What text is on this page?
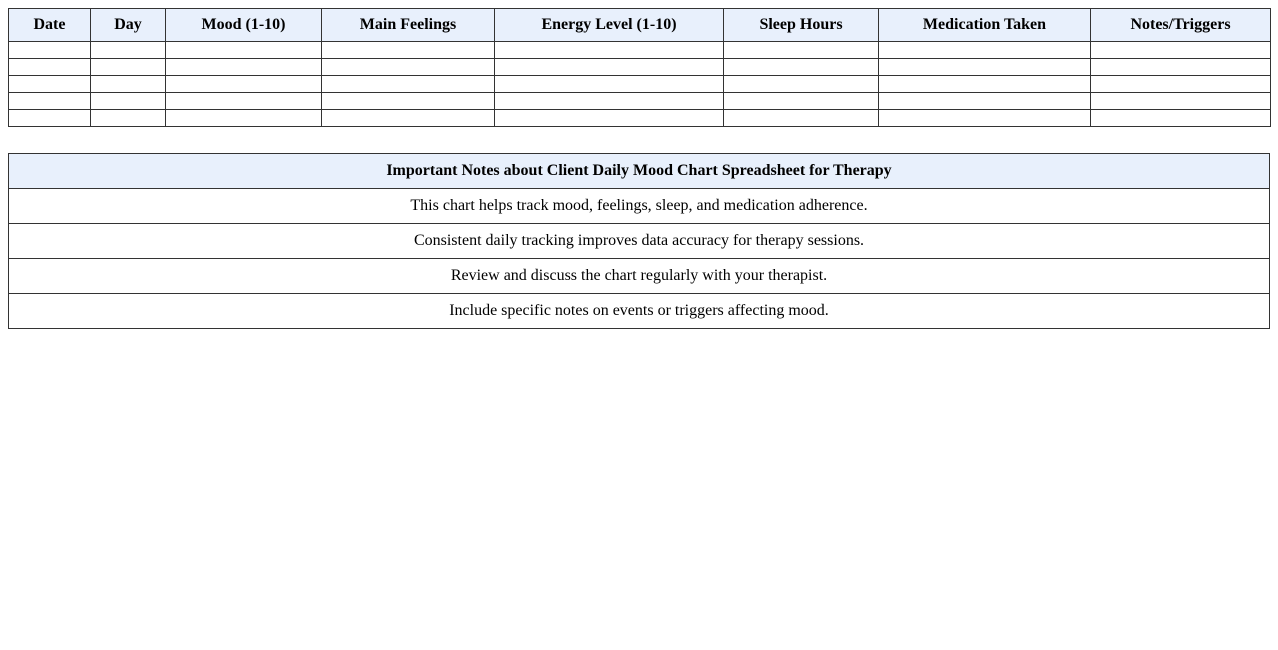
Date	Day	Mood (1-10)	Main Feelings	Energy Level (1-10)	Sleep Hours	Medication Taken	Notes/Triggers

Important Notes about Client Daily Mood Chart Spreadsheet for Therapy
This chart helps track mood, feelings, sleep, and medication adherence.
Consistent daily tracking improves data accuracy for therapy sessions.
Review and discuss the chart regularly with your therapist.
Include specific notes on events or triggers affecting mood.
